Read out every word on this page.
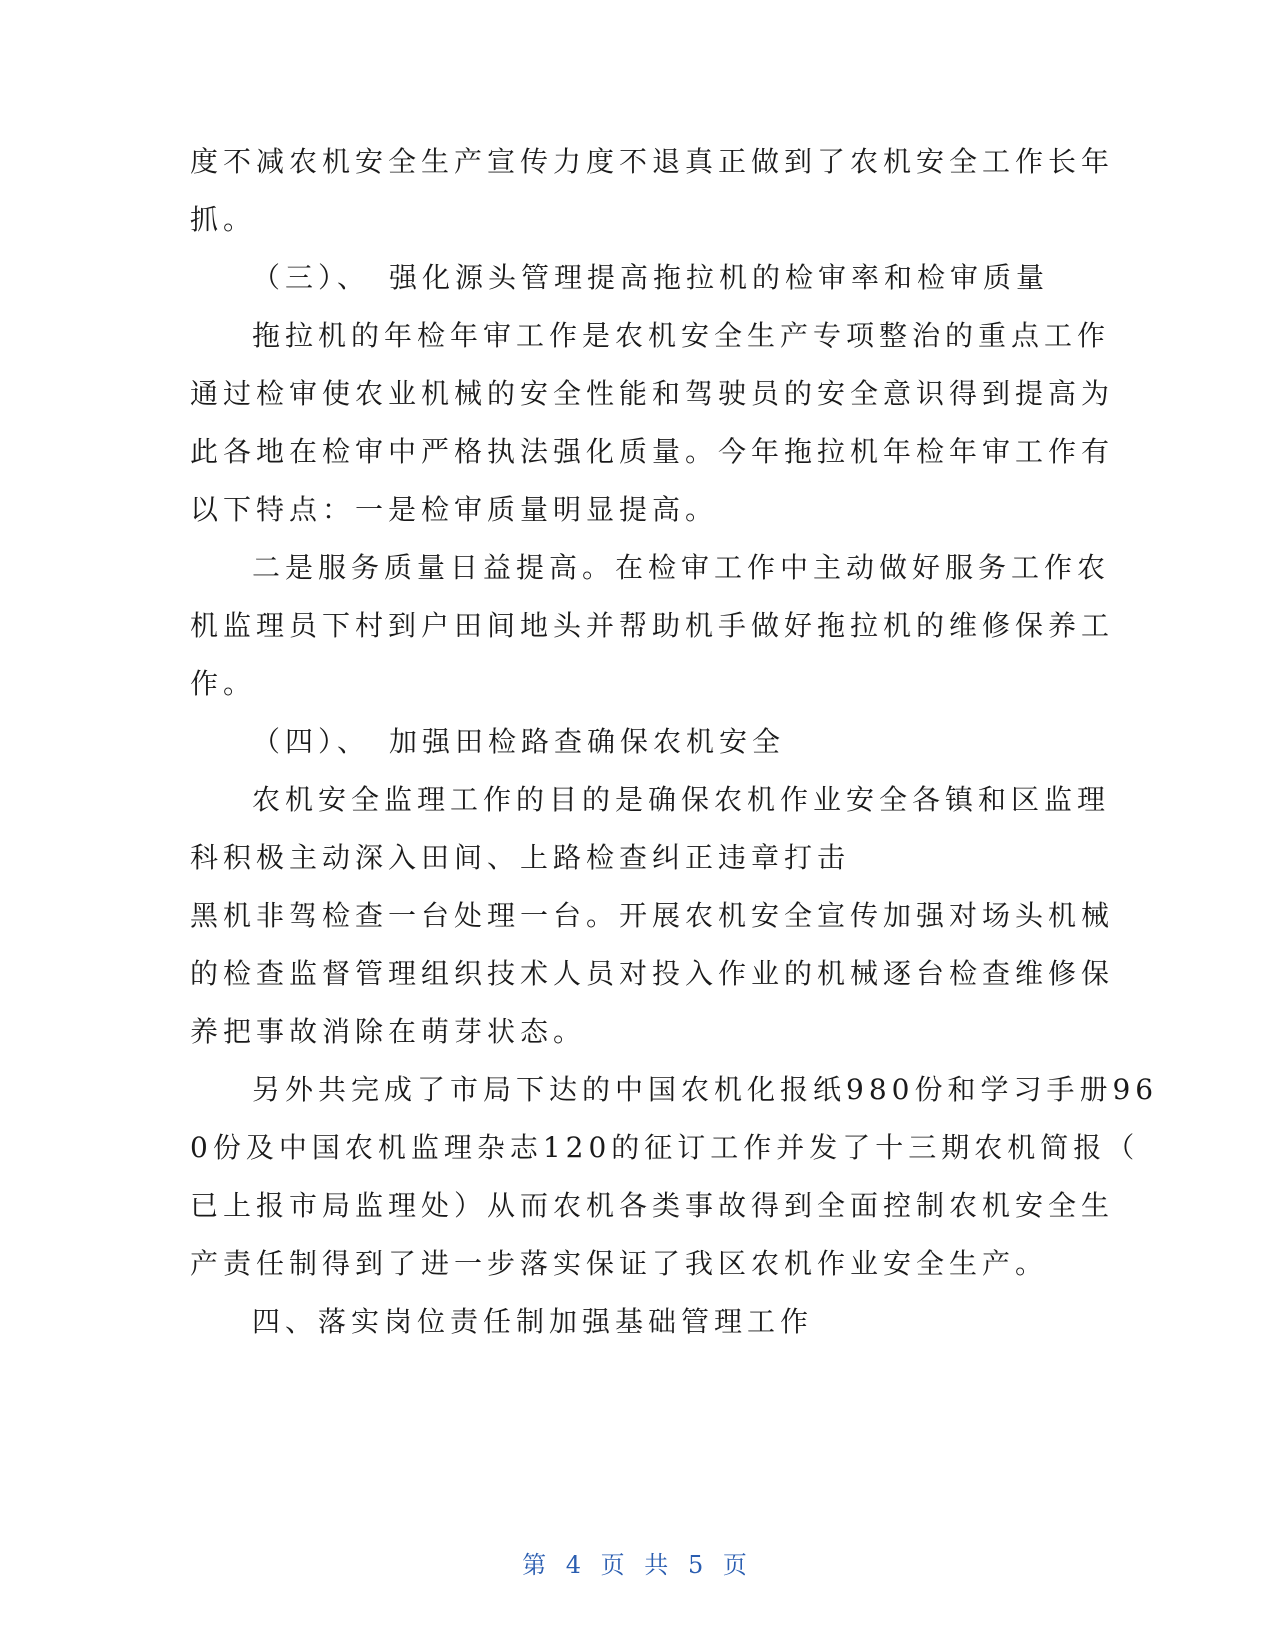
度不减农机安全生产宣传力度不退真正做到了农机安全工作长年

抓。

（三）、　强化源头管理提高拖拉机的检审率和检审质量

拖拉机的年检年审工作是农机安全生产专项整治的重点工作

通过检审使农业机械的安全性能和驾驶员的安全意识得到提高为

此各地在检审中严格执法强化质量。今年拖拉机年检年审工作有

以下特点：一是检审质量明显提高。

二是服务质量日益提高。在检审工作中主动做好服务工作农

机监理员下村到户田间地头并帮助机手做好拖拉机的维修保养工

作。

（四）、　加强田检路查确保农机安全

农机安全监理工作的目的是确保农机作业安全各镇和区监理

科积极主动深入田间、上路检查纠正违章打击

黑机非驾检查一台处理一台。开展农机安全宣传加强对场头机械

的检查监督管理组织技术人员对投入作业的机械逐台检查维修保

养把事故消除在萌芽状态。

另外共完成了市局下达的中国农机化报纸980份和学习手册96

0份及中国农机监理杂志120的征订工作并发了十三期农机简报（

已上报市局监理处）从而农机各类事故得到全面控制农机安全生

产责任制得到了进一步落实保证了我区农机作业安全生产。

四、落实岗位责任制加强基础管理工作

第 4 页 共 5 页
